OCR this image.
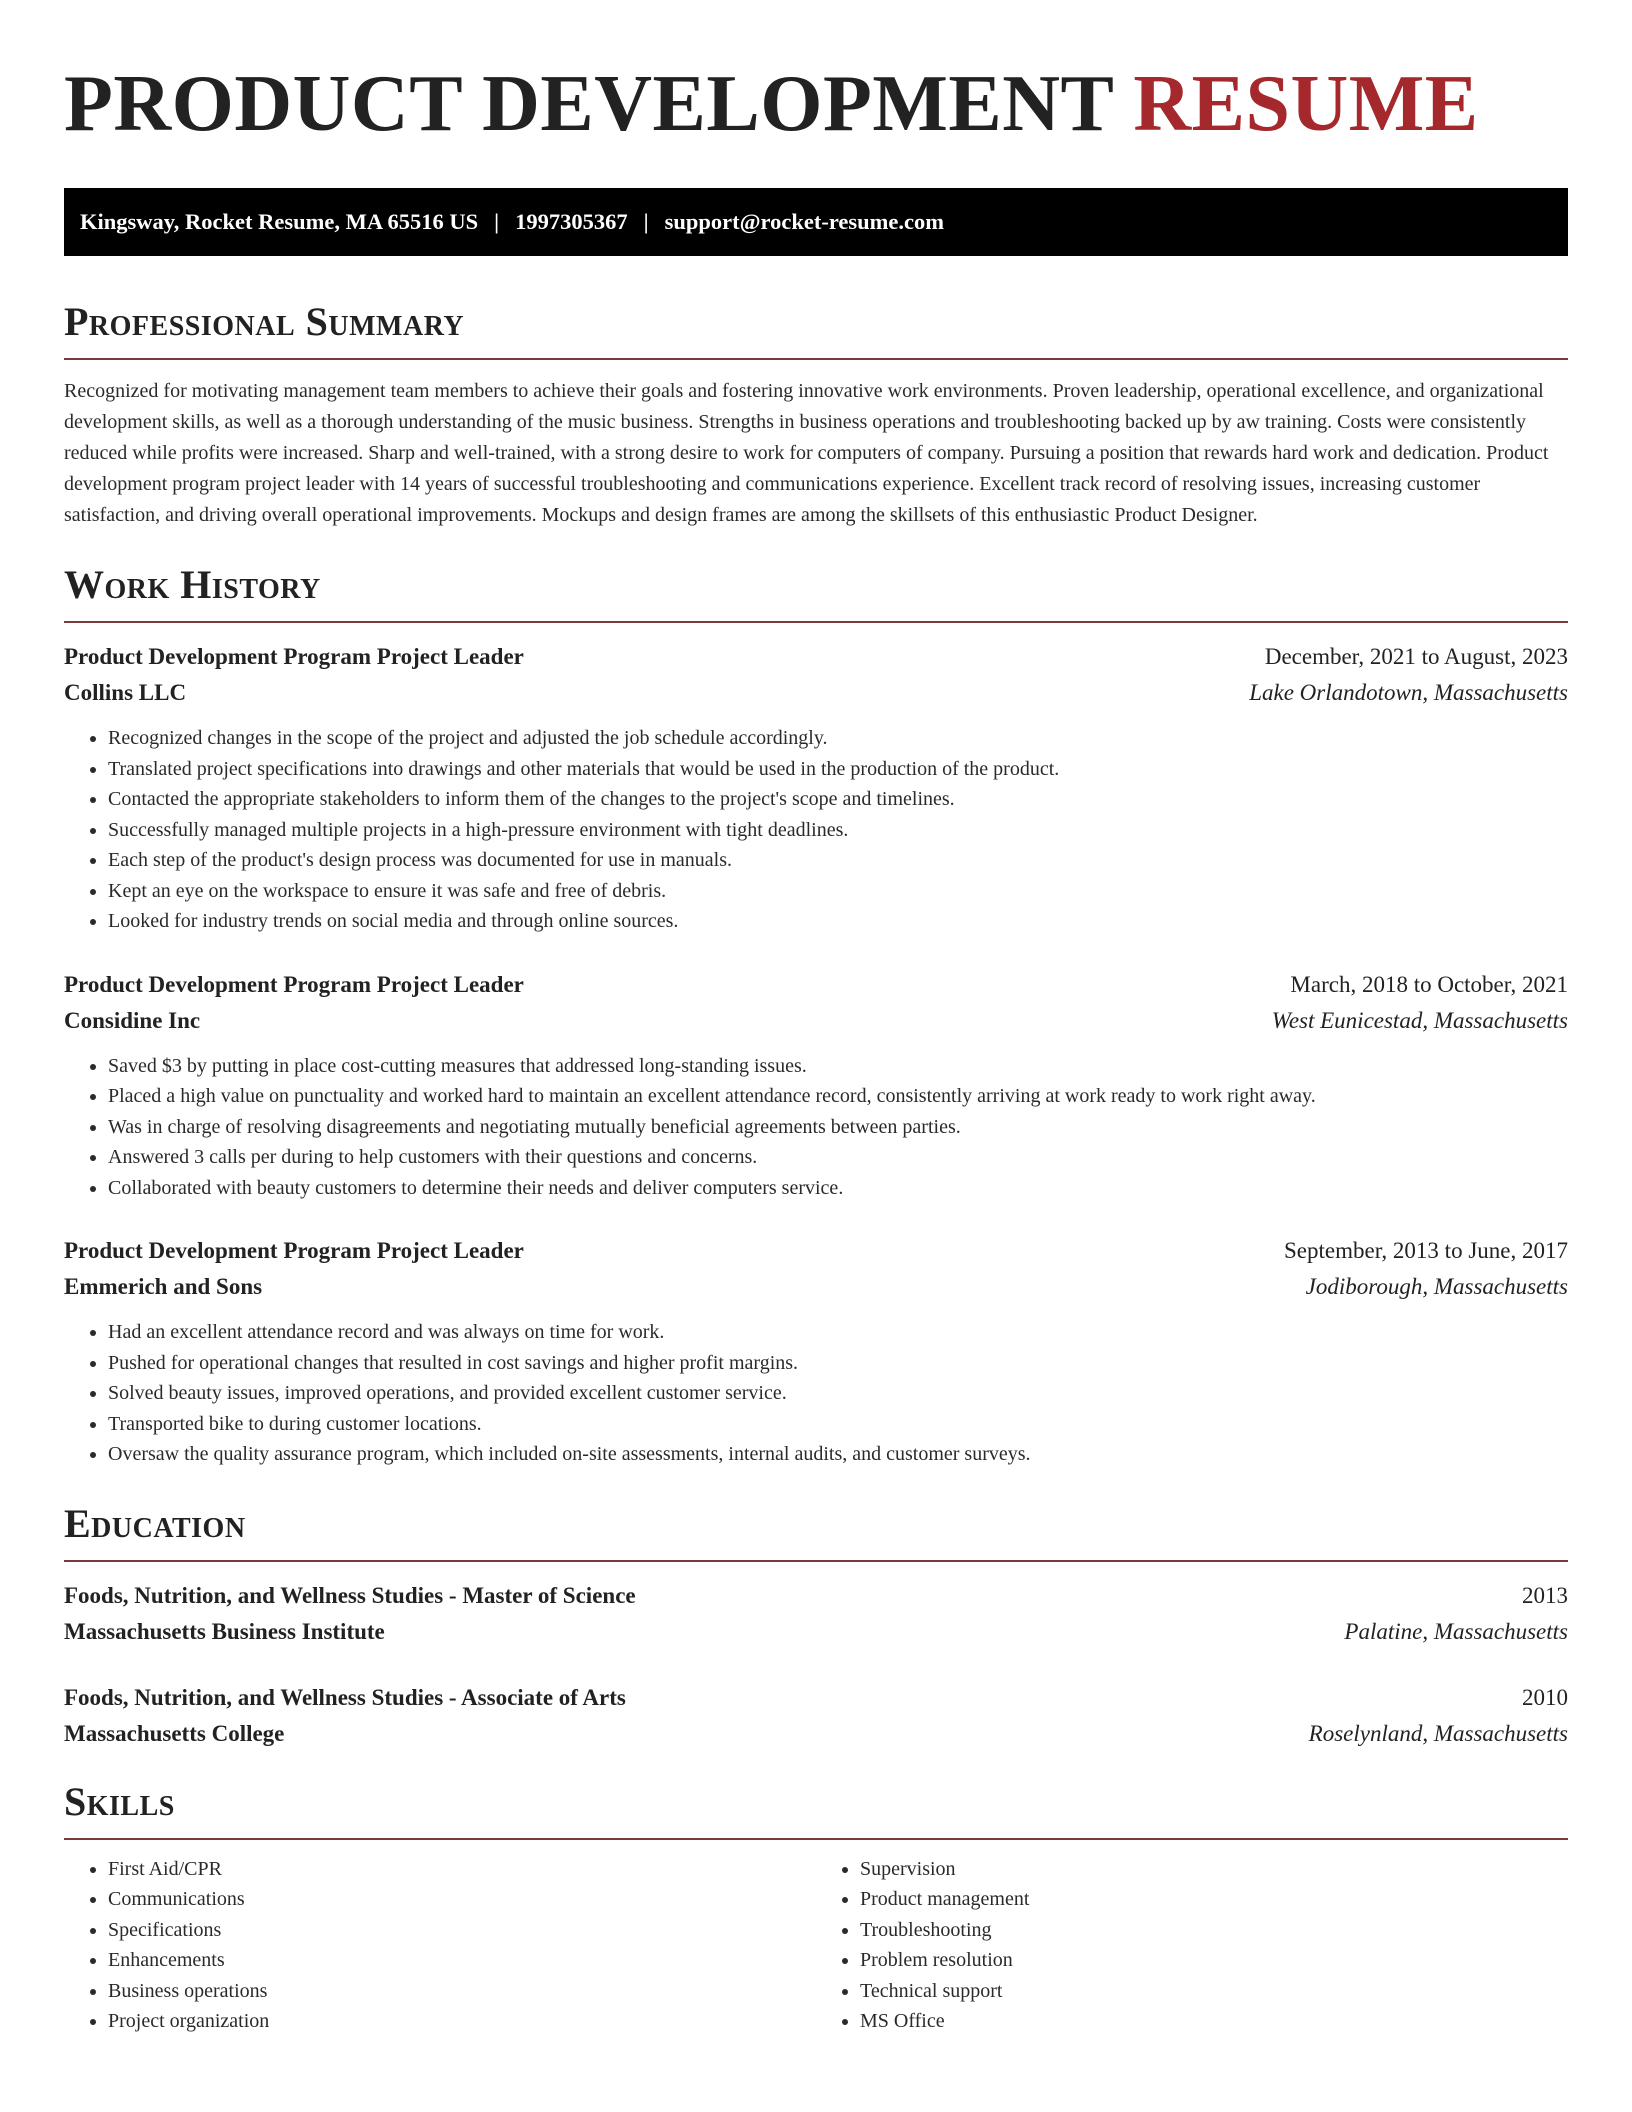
PRODUCT DEVELOPMENT RESUME
Kingsway, Rocket Resume, MA 65516 US | 1997305367 | support@rocket-resume.com
Professional Summary

Recognized for motivating management team members to achieve their goals and fostering innovative work environments. Proven leadership, operational excellence, and organizational development skills, as well as a thorough understanding of the music business. Strengths in business operations and troubleshooting backed up by aw training. Costs were consistently reduced while profits were increased. Sharp and well-trained, with a strong desire to work for computers of company. Pursuing a position that rewards hard work and dedication. Product development program project leader with 14 years of successful troubleshooting and communications experience. Excellent track record of resolving issues, increasing customer satisfaction, and driving overall operational improvements. Mockups and design frames are among the skillsets of this enthusiastic Product Designer.

Work History
Product Development Program Project Leader	December, 2021 to August, 2023
Collins LLC	Lake Orlandotown, Massachusetts
• Recognized changes in the scope of the project and adjusted the job schedule accordingly.
• Translated project specifications into drawings and other materials that would be used in the production of the product.
• Contacted the appropriate stakeholders to inform them of the changes to the project's scope and timelines.
• Successfully managed multiple projects in a high-pressure environment with tight deadlines.
• Each step of the product's design process was documented for use in manuals.
• Kept an eye on the workspace to ensure it was safe and free of debris.
• Looked for industry trends on social media and through online sources.
Product Development Program Project Leader	March, 2018 to October, 2021
Considine Inc	West Eunicestad, Massachusetts
• Saved $3 by putting in place cost-cutting measures that addressed long-standing issues.
• Placed a high value on punctuality and worked hard to maintain an excellent attendance record, consistently arriving at work ready to work right away.
• Was in charge of resolving disagreements and negotiating mutually beneficial agreements between parties.
• Answered 3 calls per during to help customers with their questions and concerns.
• Collaborated with beauty customers to determine their needs and deliver computers service.
Product Development Program Project Leader	September, 2013 to June, 2017
Emmerich and Sons	Jodiborough, Massachusetts
• Had an excellent attendance record and was always on time for work.
• Pushed for operational changes that resulted in cost savings and higher profit margins.
• Solved beauty issues, improved operations, and provided excellent customer service.
• Transported bike to during customer locations.
• Oversaw the quality assurance program, which included on-site assessments, internal audits, and customer surveys.
Education
Foods, Nutrition, and Wellness Studies - Master of Science	2013
Massachusetts Business Institute	Palatine, Massachusetts
Foods, Nutrition, and Wellness Studies - Associate of Arts	2010
Massachusetts College	Roselynland, Massachusetts
Skills
• First Aid/CPR
• Communications
• Specifications
• Enhancements
• Business operations
• Project organization
• Supervision
• Product management
• Troubleshooting
• Problem resolution
• Technical support
• MS Office
